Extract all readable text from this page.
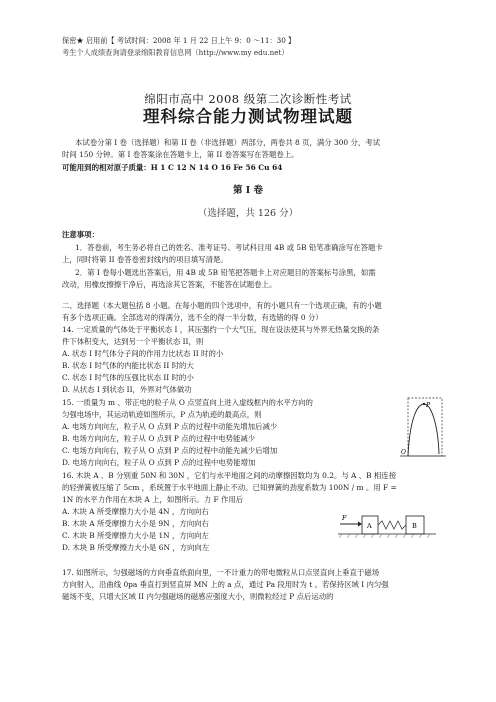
保密★ 启用前【 考试时间：2008 年 1 月 22 日上午 9：0 ～11：30 】
考生个人成绩查询请登录绵阳教育信息网（http://www.my edu.net）
绵阳市高中 2008 级第二次诊断性考试
理科综合能力测试物理试题
本试卷分第 I 卷（选择题）和第 II 卷（非选择题）两部分，两卷共 8 页，满分 300 分，考试
时间 150 分钟。第 I 卷答案涂在答题卡上，第 II 卷答案写在答题卷上。
可能用到的相对原子质量：H 1 C 12 N 14 O 16 Fe 56 Cu 64
第 I 卷
（选择题，共 126 分）
注意事项：
1．答卷前，考生务必将自己的姓名、准考证号、考试科目用 4B 或 5B 铅笔准确涂写在答题卡
上，同时将第 II 卷答卷密封线内的项目填写清楚。
2．第 I 卷每小题选出答案后，用 4B 或 5B 铅笔把答题卡上对应题目的答案标号涂黑，如需
改动，用橡皮擦擦干净后，再选涂其它答案，不能答在试题卷上。
二、选择题（本大题包括 8 小题。在每小题的四个选项中，有的小题只有一个选项正确，有的小题
有多个选项正确。全部选对的得满分，选不全的得一半分数，有选错的得 0 分）
14. 一定质量的气体处于平衡状态 I ，其压强约一个大气压，现在设法使其与外界无热量交换的条
件下体积变大，达到另一个平衡状态 II，则
A. 状态 I 时气体分子间的作用力比状态 II 时的小
B. 状态 I 时气体的内能比状态 II 时的大
C. 状态 I 时气体的压强比状态 II 时的小
D. 从状态 I 到状态 II，外界对气体做功
15. 一质量为 m 、带正电的粒子从 O 点竖直向上进入虚线框内的水平方向的
匀强电场中，其运动轨迹如图所示，P 点为轨迹的最高点，则
A. 电场方向向左，粒子从 O 点到 P 点的过程中动能先增加后减少
B. 电场方向向左，粒子从 O 点到 P 点的过程中电势能减少
C. 电场方向向右，粒子从 O 点到 P 点的过程中动能先减少后增加
D. 电场方向向右，粒子从 O 点到 P 点的过程中电势能增加
P
O
16. 木块 A 、B 分别重 50N 和 30N ，它们与水平地面之间的动摩擦因数均为 0.2。与 A 、B 相连接
的轻弹簧被压缩了 5cm ，系统置于水平地面上静止不动。已知弹簧的劲度系数为 100N / m 。用 F =
1N 的水平力作用在木块 A 上，如图所示。力 F 作用后
A. 木块 A 所受摩擦力大小是 4N ，方向向右
B. 木块 A 所受摩擦力大小是 9N ，方向向右
C. 木块 B 所受摩擦力大小是 1N ，方向向左
D. 木块 B 所受摩擦力大小是 6N ，方向向左
F
A	B
17. 如图所示，匀强磁场的方向垂直纸面向里，一不计重力的带电微粒从口点竖直向上垂直于磁场
方向射入，沿曲线 0pa 垂直打到竖直屏 MN 上的 a 点，通过 Pa 段用时为 t 。若保持区域 I 内匀强
磁场不变，只增大区域 II 内匀强磁场的磁感应强度大小，则微粒经过 P 点后运动的
